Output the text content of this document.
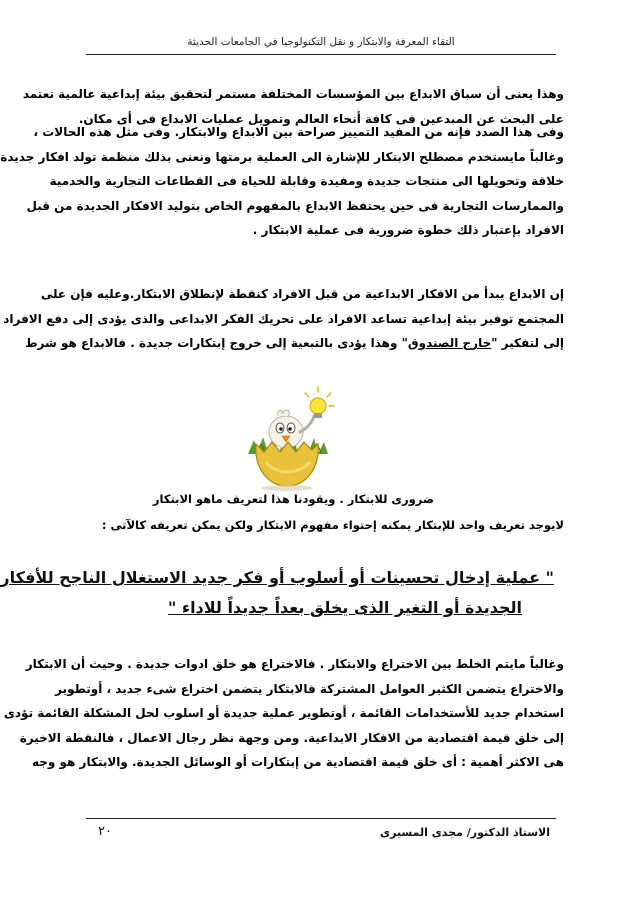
التقاء المعرفة والابتكار و نقل التكنولوجيا في الجامعات الحديثة

وهذا يعنى أن سباق الابداع بين المؤسسات المختلفة مستمر لتحقيق بيئة إبداعية عالمية تعتمد
على البحث عن المبدعين فى كافة أنحاء العالم وتمويل عمليات الابداع فى أى مكان.

وفى هذا الصدد فإنه من المفيد التمييز صراحة بين الابداع والابتكار. وفى مثل هذه الحالات ،
وغالباً مايستخدم مصطلح الابتكار للإشارة الى العملية برمتها ونعنى بذلك منظمة تولد افكار جديدة
خلاقة وتحويلها الى منتجات جديدة ومفيدة وقابلة للحياة فى القطاعات التجارية والخدمية
والممارسات التجارية فى حين يحتفظ الابداع بالمفهوم الخاص بتوليد الافكار الجديدة من قبل
الافراد بإعتبار ذلك خطوة ضرورية فى عملية الابتكار .

إن الابداع يبدأ من الافكار الابداعية من قبل الافراد كنقطة لإنطلاق الابتكار.وعليه فإن على
المجتمع توفير بيئة إبداعية تساعد الافراد على تحريك الفكر الابداعى والذى يؤدى إلى دفع الافراد
إلى لتفكير "خارج الصندوق" وهذا يؤدى بالتبعية إلى خروج إبتكارات جديدة . فالابداع هو شرط

ضرورى للابتكار . ويقودنا هذا لتعريف ماهو الابتكار
لايوجد تعريف واحد للإبتكار يمكنه إحتواء مفهوم الابتكار ولكن يمكن تعريفه كالآتى :
" عملية إدخال تحسينات أو أسلوب أو فكر جديد الاستغلال الناجح للأفكار
الجديدة أو التغير الذى يخلق بعداً جديداً للاداء "

وغالباً مايتم الخلط بين الاختراع والابتكار . فالاختراع هو خلق ادوات جديدة . وحيث أن الابتكار
والاختراع يتضمن الكثير العوامل المشتركة فالابتكار يتضمن اختراع شىء جديد ، أوتطوير
استخدام جديد للأستخدامات القائمة ، أوتطوير عملية جديدة أو اسلوب لحل المشكلة القائمة تؤدى
إلى خلق قيمة اقتصادية من الافكار الابداعية. ومن وجهة نظر رجال الاعمال ، فالنقطة الاخيرة
هى الاكثر أهمية : أى خلق قيمة اقتصادية من إبتكارات أو الوسائل الجديدة. والابتكار هو وجه

الاستاذ الدكتور/ مجدى المسيرى
٢٠
